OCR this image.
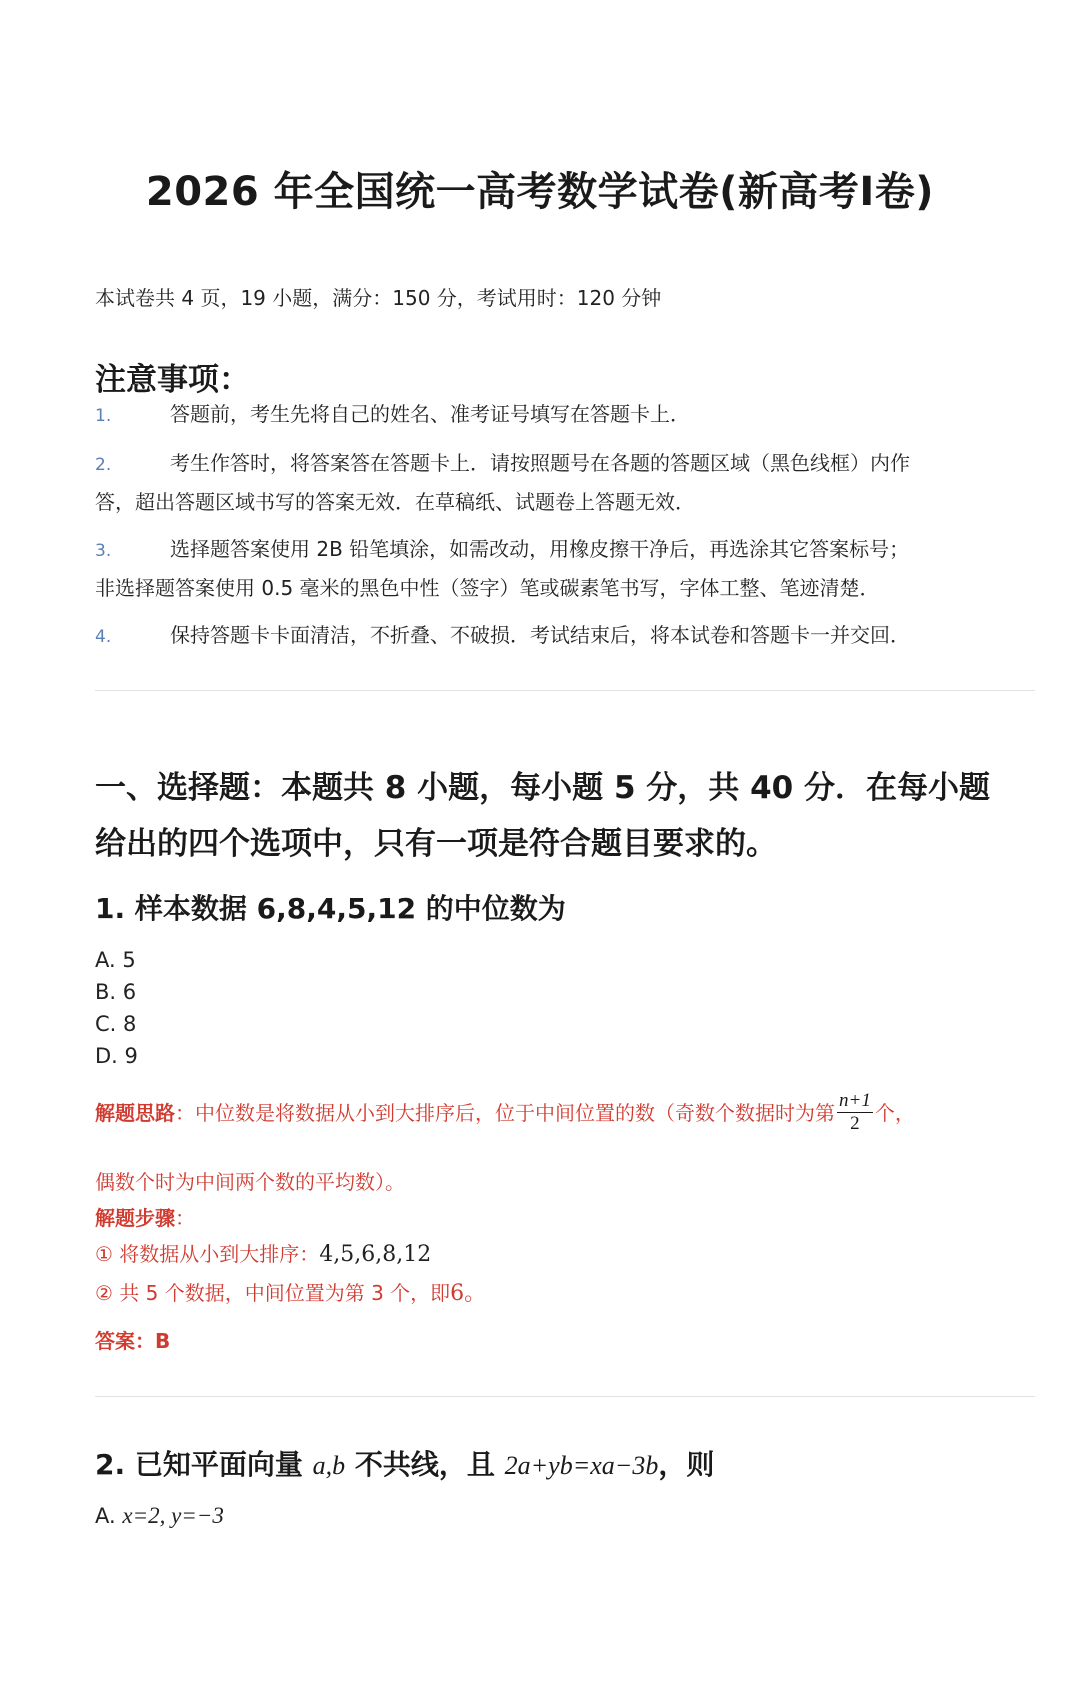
2026 年全国统一高考数学试卷(新高考I卷)
本试卷共 4 页，19 小题，满分：150 分，考试用时：120 分钟
注意事项：
1.	答题前，考生先将自己的姓名、准考证号填写在答题卡上．
2.	考生作答时，将答案答在答题卡上．请按照题号在各题的答题区域（黑色线框）内作
答，超出答题区域书写的答案无效．在草稿纸、试题卷上答题无效．
3.	选择题答案使用 2B 铅笔填涂，如需改动，用橡皮擦干净后，再选涂其它答案标号；
非选择题答案使用 0.5 毫米的黑色中性（签字）笔或碳素笔书写，字体工整、笔迹清楚．
4.	保持答题卡卡面清洁，不折叠、不破损．考试结束后，将本试卷和答题卡一并交回．
一、选择题：本题共 8 小题，每小题 5 分，共 40 分．在每小题
给出的四个选项中，只有一项是符合题目要求的。
1. 样本数据 6,8,4,5,12 的中位数为
A. 5
B. 6
C. 8
D. 9
解题思路：中位数是将数据从小到大排序后，位于中间位置的数（奇数个数据时为第 $\frac{n+1}{2}$ 个，
偶数个时为中间两个数的平均数）。
解题步骤：
① 将数据从小到大排序：4,5,6,8,12
② 共 5 个数据，中间位置为第 3 个，即6。
答案：B
2. 已知平面向量 a,b 不共线，且 2a+yb=xa−3b，则
A. x=2, y=−3
